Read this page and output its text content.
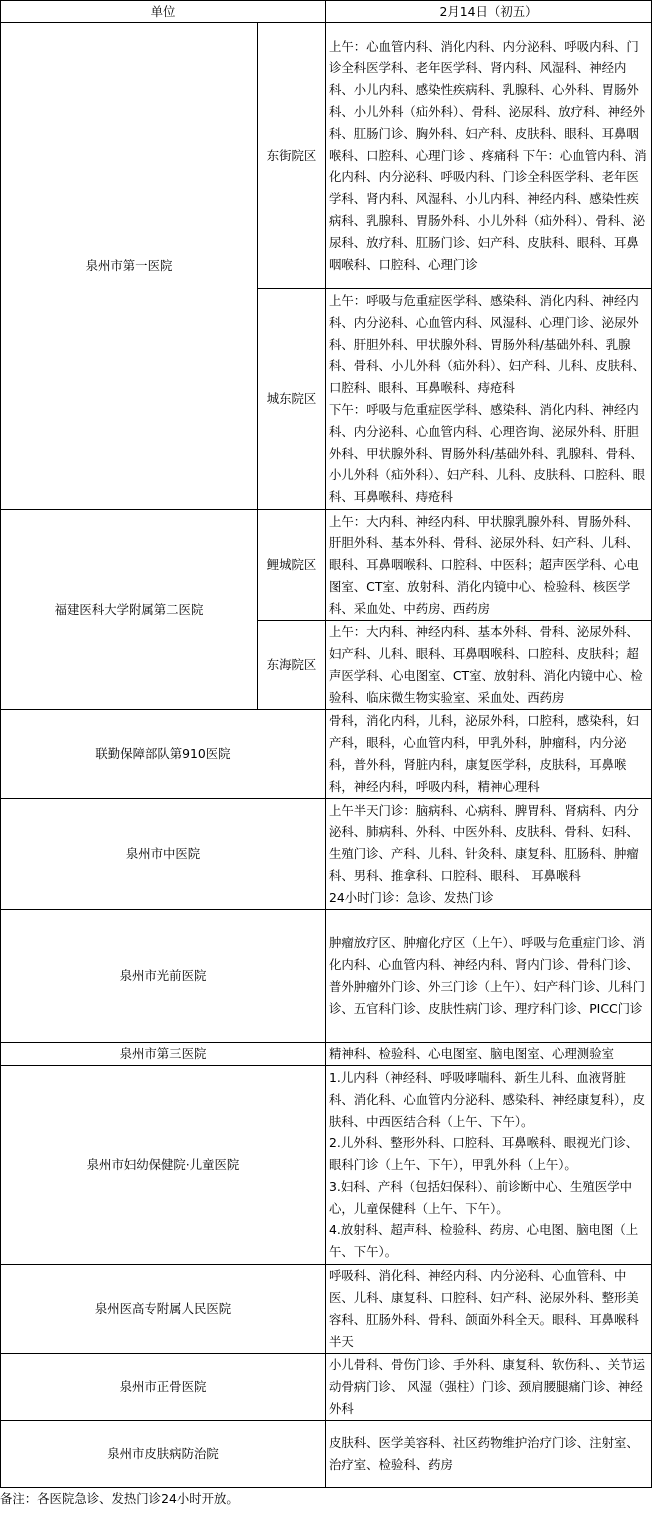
单位		2月14日（初五）
泉州市第一医院	东街院区	上午：心血管内科、消化内科、内分泌科、呼吸内科、门诊全科医学科、老年医学科、肾内科、风湿科、神经内科、小儿内科、感染性疾病科、乳腺科、心外科、胃肠外科、小儿外科（疝外科）、骨科、泌尿科、放疗科、神经外科、肛肠门诊、胸外科、妇产科、皮肤科、眼科、耳鼻咽喉科、口腔科、心理门诊 、疼痛科 下午：心血管内科、消化内科、内分泌科、呼吸内科、门诊全科医学科、老年医学科、肾内科、风湿科、小儿内科、神经内科、感染性疾病科、乳腺科、胃肠外科、小儿外科（疝外科）、骨科、泌尿科、放疗科、肛肠门诊、妇产科、皮肤科、眼科、耳鼻咽喉科、口腔科、心理门诊

	城东院区	上午：呼吸与危重症医学科、感染科、消化内科、神经内科、内分泌科、心血管内科、风湿科、心理门诊、泌尿外科、肝胆外科、甲状腺外科、胃肠外科/基础外科、乳腺科、骨科、小儿外科（疝外科）、妇产科、儿科、皮肤科、口腔科、眼科、耳鼻喉科、痔疮科
下午：呼吸与危重症医学科、感染科、消化内科、神经内科、内分泌科、心血管内科、心理咨询、泌尿外科、肝胆外科、甲状腺外科、胃肠外科/基础外科、乳腺科、骨科、小儿外科（疝外科）、妇产科、儿科、皮肤科、口腔科、眼科、耳鼻喉科、痔疮科

福建医科大学附属第二医院	鲤城院区	上午：大内科、神经内科、甲状腺乳腺外科、胃肠外科、肝胆外科、基本外科、骨科、泌尿外科、妇产科、儿科、眼科、耳鼻咽喉科、口腔科、中医科；超声医学科、心电图室、CT室、放射科、消化内镜中心、检验科、核医学科、采血处、中药房、西药房

	东海院区	上午：大内科、神经内科、基本外科、骨科、泌尿外科、妇产科、儿科、眼科、耳鼻咽喉科、口腔科、皮肤科；超声医学科、心电图室、CT室、放射科、消化内镜中心、检验科、临床微生物实验室、采血处、西药房

联勤保障部队第910医院		骨科，消化内科，儿科，泌尿外科，口腔科，感染科，妇产科，眼科，心血管内科，甲乳外科，肿瘤科，内分泌科，普外科，肾脏内科，康复医学科，皮肤科，耳鼻喉科，神经内科，呼吸内科，精神心理科

泉州市中医院		上午半天门诊：脑病科、心病科、脾胃科、肾病科、内分泌科、肺病科、外科、中医外科、皮肤科、骨科、妇科、生殖门诊、产科、儿科、针灸科、康复科、肛肠科、肿瘤科、男科、推拿科、口腔科、眼科、 耳鼻喉科
24小时门诊：急诊、发热门诊

泉州市光前医院		肿瘤放疗区、肿瘤化疗区（上午）、呼吸与危重症门诊、消化内科、心血管内科、神经内科、肾内门诊、骨科门诊、普外肿瘤外门诊、外三门诊（上午）、妇产科门诊、儿科门诊、五官科门诊、皮肤性病门诊、理疗科门诊、PICC门诊

泉州市第三医院		精神科、检验科、心电图室、脑电图室、心理测验室

泉州市妇幼保健院·儿童医院		1.儿内科（神经科、呼吸哮喘科、新生儿科、血液肾脏科、消化科、心血管内分泌科、感染科、神经康复科），皮肤科、中西医结合科（上午、下午）。
2.儿外科、整形外科、口腔科、耳鼻喉科、眼视光门诊、眼科门诊（上午、下午），甲乳外科（上午）。
3.妇科、产科（包括妇保科）、前诊断中心、生殖医学中心，儿童保健科（上午、下午）。
4.放射科、超声科、检验科、药房、心电图、脑电图（上午、下午）。

泉州医高专附属人民医院		呼吸科、消化科、神经内科、内分泌科、心血管科、中医、儿科、康复科、口腔科、妇产科、泌尿外科、整形美容科、肛肠外科、骨科、颌面外科全天。眼科、耳鼻喉科半天

泉州市正骨医院		小儿骨科、骨伤门诊、手外科、康复科、软伤科、、关节运动骨病门诊、 风湿（强柱）门诊、颈肩腰腿痛门诊、神经外科

泉州市皮肤病防治院		皮肤科、医学美容科、社区药物维护治疗门诊、注射室、治疗室、检验科、药房
备注：各医院急诊、发热门诊24小时开放。
